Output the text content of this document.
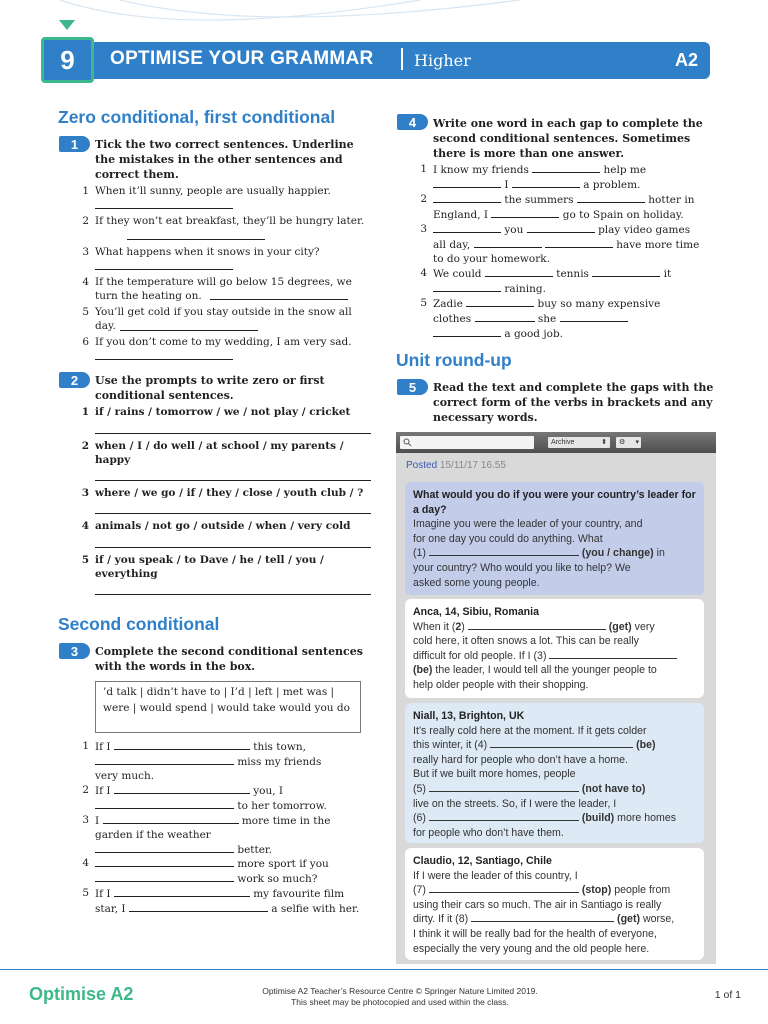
9	OPTIMISE YOUR GRAMMAR	Higher	A2
Zero conditional, first conditional
1	Tick the two correct sentences. Underline the mistakes in the other sentences and correct them.
1 When it’ll sunny, people are usually happier.
2 If they won’t eat breakfast, they’ll be hungry later.
3 What happens when it snows in your city?
4 If the temperature will go below 15 degrees, we turn the heating on.
5 You’ll get cold if you stay outside in the snow all day.
6 If you don’t come to my wedding, I am very sad.
2	Use the prompts to write zero or first conditional sentences.
1 if / rains / tomorrow / we / not play / cricket
2 when / I / do well / at school / my parents / happy
3 where / we go / if / they / close / youth club / ?
4 animals / not go / outside / when / very cold
5 if / you speak / to Dave / he / tell / you / everything
Second conditional
3	Complete the second conditional sentences with the words in the box.
’d talk | didn’t have to | I’d | left | met was | were | would spend | would take would you do
1 If I	this town,
miss my friends
very much.
2 If I	you, I
to her tomorrow.
3 I	more time in the
garden if the weather
better.
4	more sport if you
work so much?
5 If I	my favourite film
star, I	a selfie with her.
4	Write one word in each gap to complete the second conditional sentences. Sometimes there is more than one answer.
1 I know my friends	help me
I	a problem.
2	the summers	hotter in
England, I	go to Spain on holiday.
3	you	play video games
all day,	have more time
to do your homework.
4 We could	tennis	it
raining.
5 Zadie	buy so many expensive
clothes	she
a good job.
Unit round-up
5	Read the text and complete the gaps with the correct form of the verbs in brackets and any necessary words.
Archive	⬍	⚙ ▾
Posted 15/11/17 16.55
What would you do if you were your country’s leader for a day?
Imagine you were the leader of your country, and
for one day you could do anything. What
(1)	(you / change) in
your country? Who would you like to help? We
asked some young people.
Anca, 14, Sibiu, Romania
When it (2)	(get) very
cold here, it often snows a lot. This can be really
difficult for old people. If I (3)
(be) the leader, I would tell all the younger people to
help older people with their shopping.
Niall, 13, Brighton, UK
It’s really cold here at the moment. If it gets colder
this winter, it (4)	(be)
really hard for people who don’t have a home.
But if we built more homes, people
(5)	(not have to)
live on the streets. So, if I were the leader, I
(6)	(build) more homes
for people who don’t have them.
Claudio, 12, Santiago, Chile
If I were the leader of this country, I
(7)	(stop) people from
using their cars so much. The air in Santiago is really
dirty. If it (8)	(get) worse,
I think it will be really bad for the health of everyone,
especially the very young and the old people here.
Optimise A2	Optimise A2 Teacher’s Resource Centre © Springer Nature Limited 2019.
This sheet may be photocopied and used within the class.
1 of 1
